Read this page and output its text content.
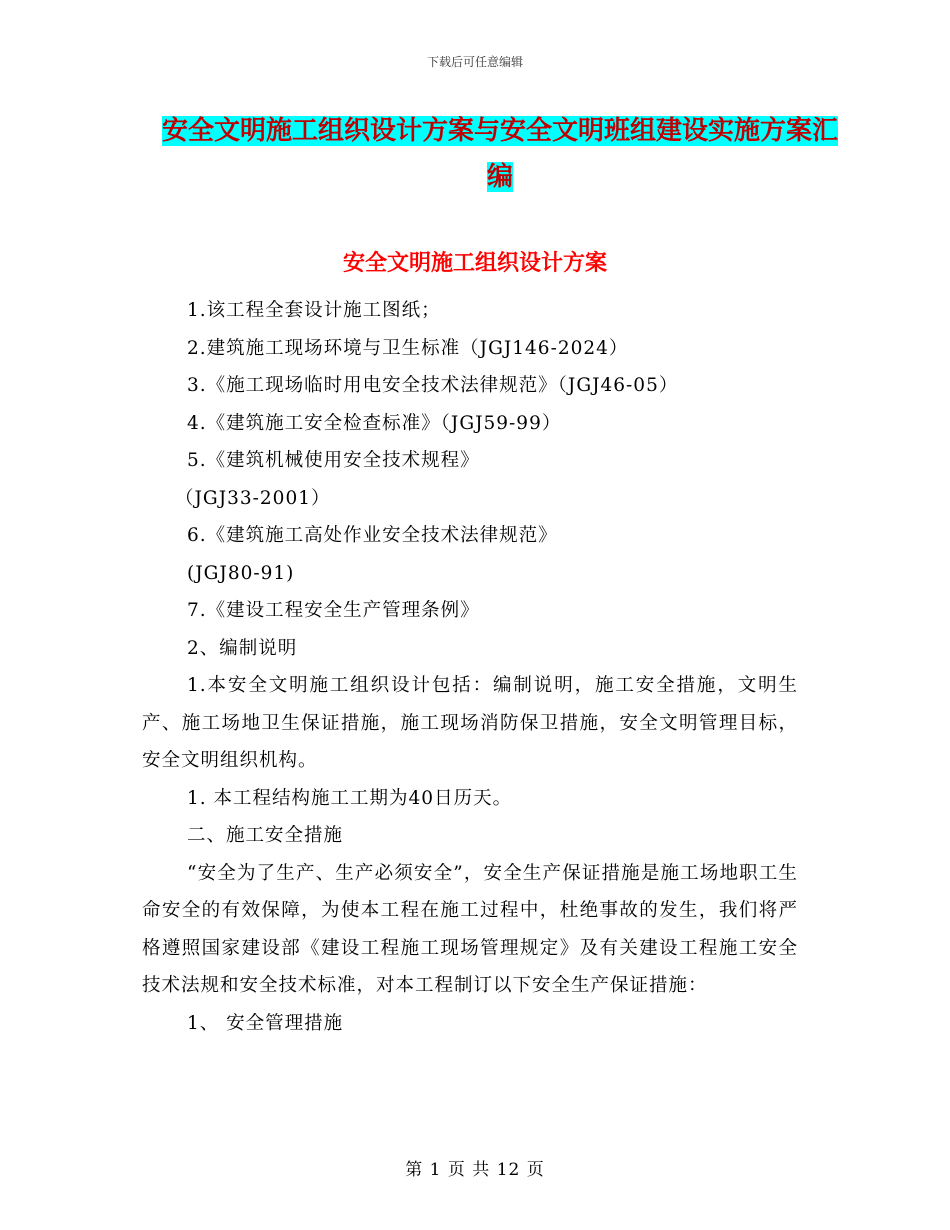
下载后可任意编辑
安全文明施工组织设计方案与安全文明班组建设实施方案汇编
安全文明施工组织设计方案

1.该工程全套设计施工图纸；

2.建筑施工现场环境与卫生标准（JGJ146-2024）

3.《施工现场临时用电安全技术法律规范》（JGJ46-05）

4.《建筑施工安全检查标准》（JGJ59-99）

5.《建筑机械使用安全技术规程》

（JGJ33-2001）

6.《建筑施工高处作业安全技术法律规范》

(JGJ80-91)

7.《建设工程安全生产管理条例》

2、编制说明

1.本安全文明施工组织设计包括：编制说明，施工安全措施，文明生产、施工场地卫生保证措施，施工现场消防保卫措施，安全文明管理目标，安全文明组织机构。

1. 本工程结构施工工期为40日历天。

二、施工安全措施

“安全为了生产、生产必须安全”，安全生产保证措施是施工场地职工生命安全的有效保障，为使本工程在施工过程中，杜绝事故的发生，我们将严格遵照国家建设部《建设工程施工现场管理规定》及有关建设工程施工安全技术法规和安全技术标准，对本工程制订以下安全生产保证措施：

1、 安全管理措施

第 1 页 共 12 页
